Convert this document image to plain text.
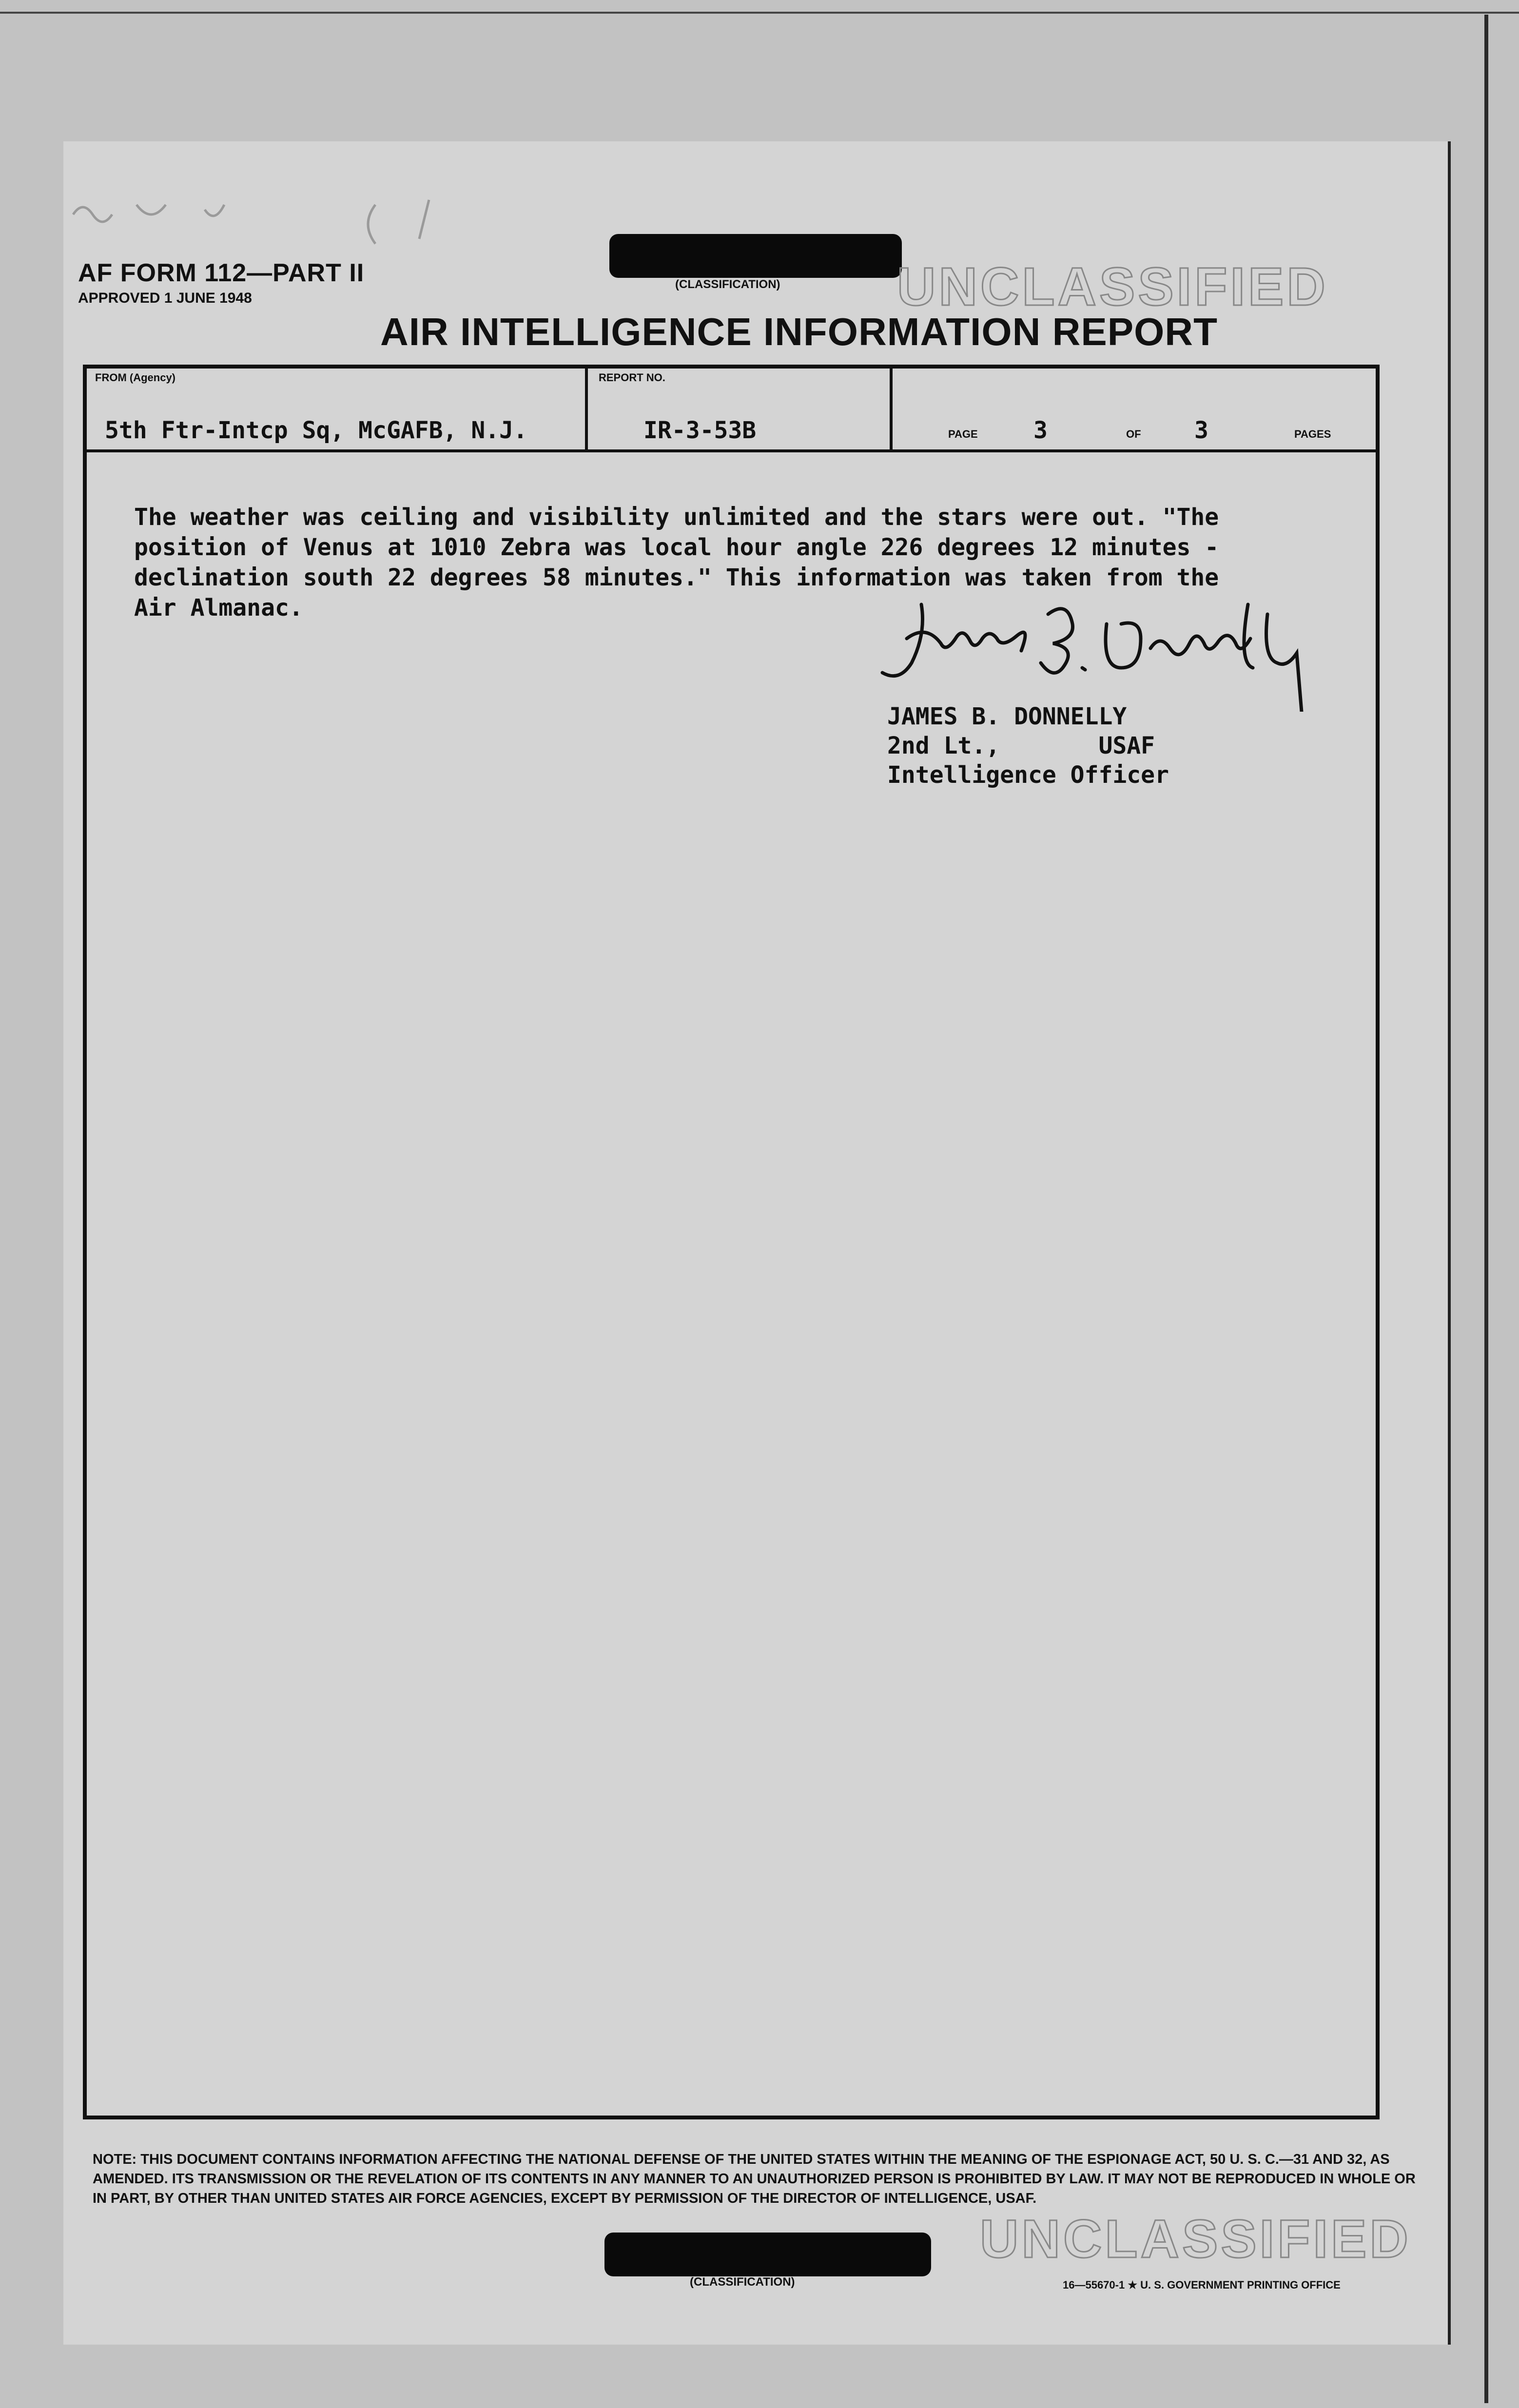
AF FORM 112—PART II
APPROVED 1 JUNE 1948
(CLASSIFICATION) UNCLASSIFIED
AIR INTELLIGENCE INFORMATION REPORT
FROM (Agency)
5th Ftr-Intcp Sq, McGAFB, N.J.
REPORT NO.
IR-3-53B	PAGE 3	OF 3	PAGES
The weather was ceiling and visibility unlimited and the stars were out. "The
position of Venus at 1010 Zebra was local hour angle 226 degrees 12 minutes -
declination south 22 degrees 58 minutes." This information was taken from the
Air Almanac.
JAMES B. DONNELLY
2nd Lt.,       USAF
Intelligence Officer
NOTE: THIS DOCUMENT CONTAINS INFORMATION AFFECTING THE NATIONAL DEFENSE OF THE UNITED STATES WITHIN THE MEANING OF THE ESPIONAGE ACT, 50 U. S. C.—31 AND 32, AS AMENDED. ITS TRANSMISSION OR THE REVELATION OF ITS CONTENTS IN ANY MANNER TO AN UNAUTHORIZED PERSON IS PROHIBITED BY LAW. IT MAY NOT BE REPRODUCED IN WHOLE OR IN PART, BY OTHER THAN UNITED STATES AIR FORCE AGENCIES, EXCEPT BY PERMISSION OF THE DIRECTOR OF INTELLIGENCE, USAF.
(CLASSIFICATION)
UNCLASSIFIED
16—55670-1 ★ U. S. GOVERNMENT PRINTING OFFICE
